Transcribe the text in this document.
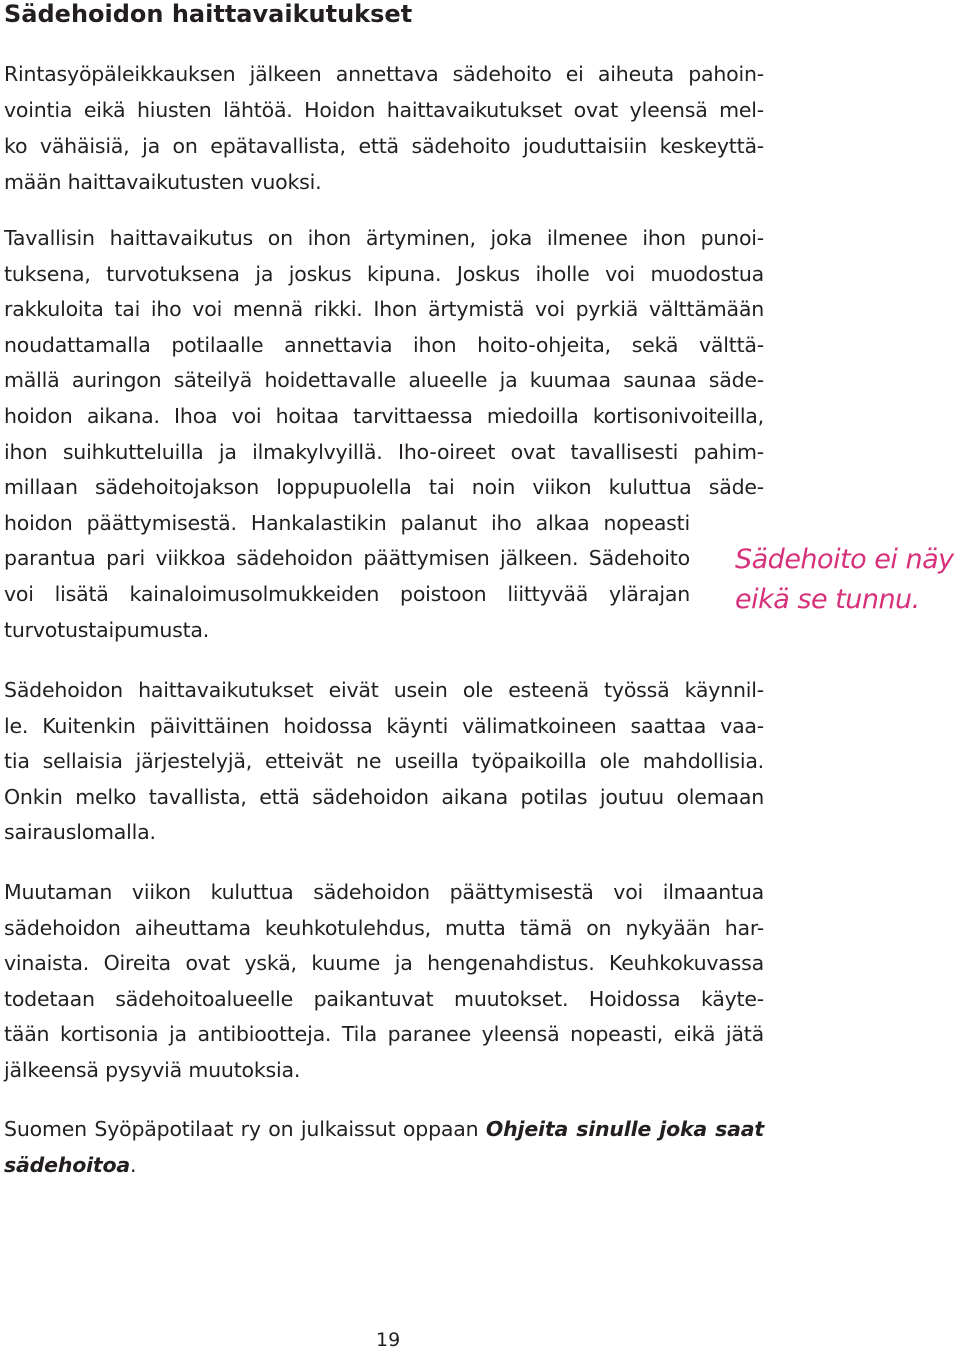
Sädehoidon haittavaikutukset
Rintasyöpäleikkauksen jälkeen annettava sädehoito ei aiheuta pahoin-
vointia eikä hiusten lähtöä. Hoidon haittavaikutukset ovat yleensä mel-
ko vähäisiä, ja on epätavallista, että sädehoito jouduttaisiin keskeyttä-
mään haittavaikutusten vuoksi.
Tavallisin haittavaikutus on ihon ärtyminen, joka ilmenee ihon punoi-
tuksena, turvotuksena ja joskus kipuna. Joskus iholle voi muodostua
rakkuloita tai iho voi mennä rikki. Ihon ärtymistä voi pyrkiä välttämään
noudattamalla potilaalle annettavia ihon hoito-ohjeita, sekä välttä-
mällä auringon säteilyä hoidettavalle alueelle ja kuumaa saunaa säde-
hoidon aikana. Ihoa voi hoitaa tarvittaessa miedoilla kortisonivoiteilla,
ihon suihkutteluilla ja ilmakylvyillä. Iho-oireet ovat tavallisesti pahim-
millaan sädehoitojakson loppupuolella tai noin viikon kuluttua säde-
hoidon päättymisestä. Hankalastikin palanut iho alkaa nopeasti
parantua pari viikkoa sädehoidon päättymisen jälkeen. Sädehoito
voi lisätä kainaloimusolmukkeiden poistoon liittyvää ylärajan
turvotustaipumusta.
Sädehoito ei näy
eikä se tunnu.
Sädehoidon haittavaikutukset eivät usein ole esteenä työssä käynnil-
le. Kuitenkin päivittäinen hoidossa käynti välimatkoineen saattaa vaa-
tia sellaisia järjestelyjä, etteivät ne useilla työpaikoilla ole mahdollisia.
Onkin melko tavallista, että sädehoidon aikana potilas joutuu olemaan
sairauslomalla.
Muutaman viikon kuluttua sädehoidon päättymisestä voi ilmaantua
sädehoidon aiheuttama keuhkotulehdus, mutta tämä on nykyään har-
vinaista. Oireita ovat yskä, kuume ja hengenahdistus. Keuhkokuvassa
todetaan sädehoitoalueelle paikantuvat muutokset. Hoidossa käyte-
tään kortisonia ja antibiootteja. Tila paranee yleensä nopeasti, eikä jätä
jälkeensä pysyviä muutoksia.
Suomen Syöpäpotilaat ry on julkaissut oppaan Ohjeita sinulle joka saat
sädehoitoa.
19
